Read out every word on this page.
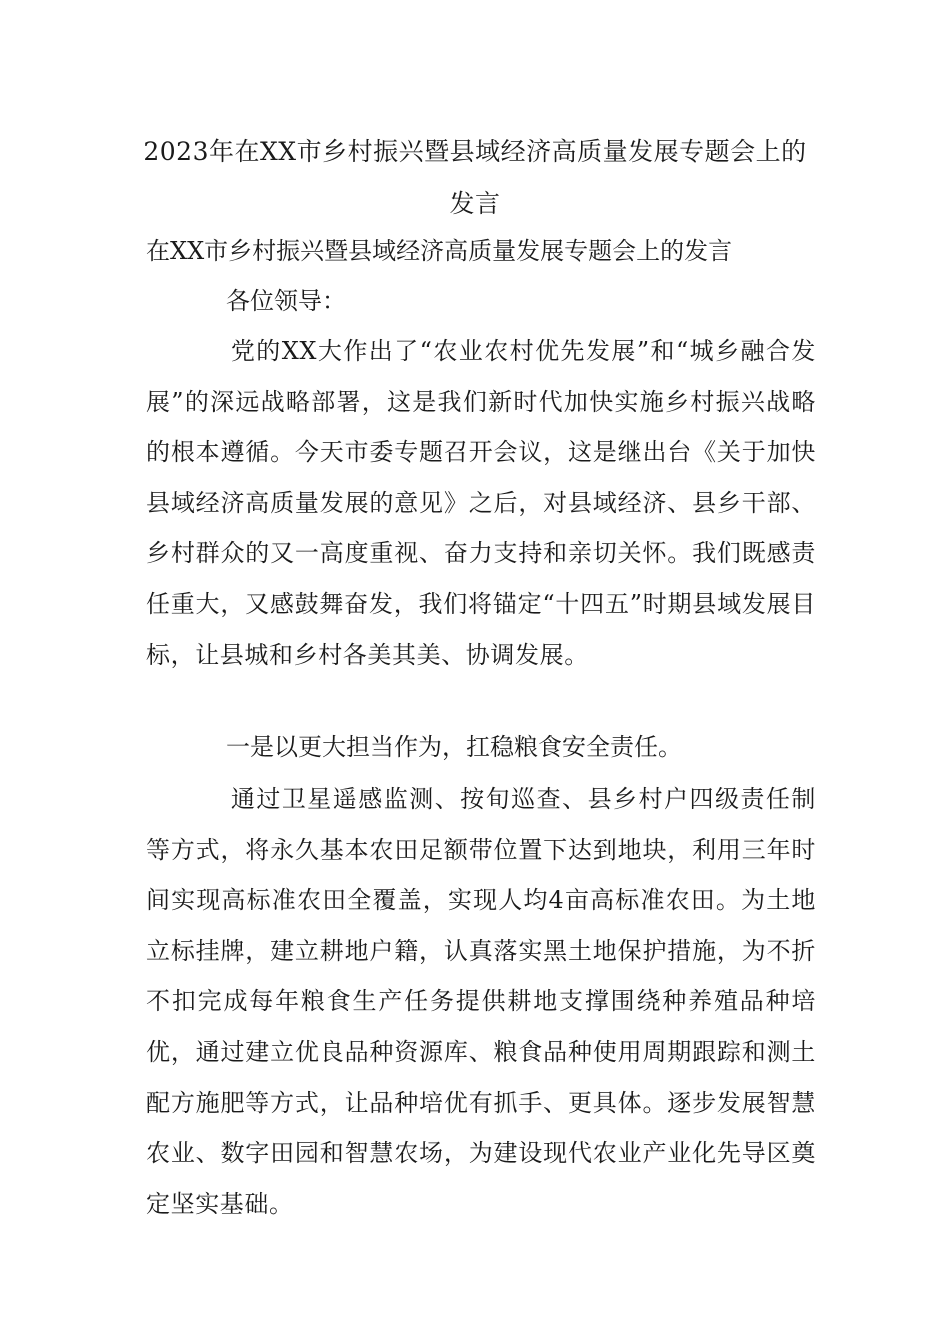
2023年在XX市乡村振兴暨县域经济高质量发展专题会上的发言

在XX市乡村振兴暨县域经济高质量发展专题会上的发言

各位领导：

党的XX大作出了“农业农村优先发展”和“城乡融合发展”的深远战略部署，这是我们新时代加快实施乡村振兴战略的根本遵循。今天市委专题召开会议，这是继出台《关于加快县域经济高质量发展的意见》之后，对县域经济、县乡干部、乡村群众的又一高度重视、奋力支持和亲切关怀。我们既感责任重大，又感鼓舞奋发，我们将锚定“十四五”时期县域发展目标，让县城和乡村各美其美、协调发展。

一是以更大担当作为，扛稳粮食安全责任。

通过卫星遥感监测、按旬巡查、县乡村户四级责任制等方式，将永久基本农田足额带位置下达到地块，利用三年时间实现高标准农田全覆盖，实现人均4亩高标准农田。为土地立标挂牌，建立耕地户籍，认真落实黑土地保护措施，为不折不扣完成每年粮食生产任务提供耕地支撑围绕种养殖品种培优，通过建立优良品种资源库、粮食品种使用周期跟踪和测土配方施肥等方式，让品种培优有抓手、更具体。逐步发展智慧农业、数字田园和智慧农场，为建设现代农业产业化先导区奠定坚实基础。
